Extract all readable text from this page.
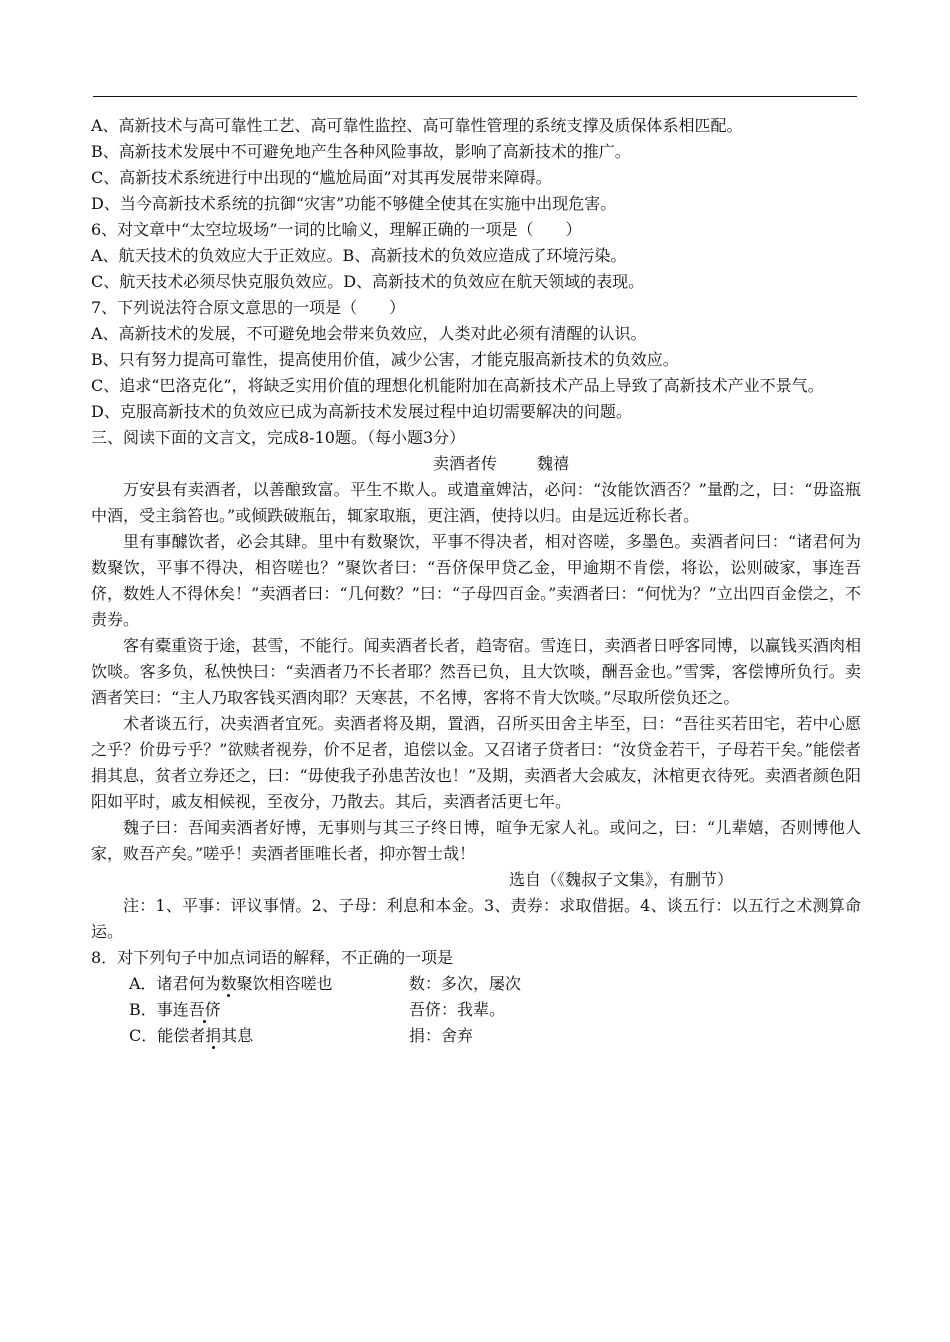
A、高新技术与高可靠性工艺、高可靠性监控、高可靠性管理的系统支撑及质保体系相匹配。

B、高新技术发展中不可避免地产生各种风险事故，影响了高新技术的推广。

C、高新技术系统进行中出现的“尴尬局面”对其再发展带来障碍。

D、当今高新技术系统的抗御“灾害”功能不够健全使其在实施中出现危害。

6、对文章中“太空垃圾场”一词的比喻义，理解正确的一项是（　　）

A、航天技术的负效应大于正效应。B、高新技术的负效应造成了环境污染。

C、航天技术必须尽快克服负效应。D、高新技术的负效应在航天领域的表现。

7、下列说法符合原文意思的一项是（　　）

A、高新技术的发展，不可避免地会带来负效应，人类对此必须有清醒的认识。

B、只有努力提高可靠性，提高使用价值，减少公害，才能克服高新技术的负效应。

C、追求“巴洛克化”，将缺乏实用价值的理想化机能附加在高新技术产品上导致了高新技术产业不景气。

D、克服高新技术的负效应已成为高新技术发展过程中迫切需要解决的问题。

三、阅读下面的文言文，完成8-10题。（每小题3分）

卖酒者传	魏禧

万安县有卖酒者，以善酿致富。平生不欺人。或遣童婢沽，必问：“汝能饮酒否？”量酌之，曰：“毋盗瓶中酒，受主翁笞也。”或倾跌破瓶缶，辄家取瓶，更注酒，使持以归。由是远近称长者。

里有事醵饮者，必会其肆。里中有数聚饮，平事不得决者，相对咨嗟，多墨色。卖酒者问曰：“诸君何为数聚饮，平事不得决，相咨嗟也？”聚饮者曰：“吾侪保甲贷乙金，甲逾期不肯偿，将讼，讼则破家，事连吾侪，数姓人不得休矣！”卖酒者曰：“几何数？”曰：“子母四百金。”卖酒者曰：“何忧为？”立出四百金偿之，不责券。

客有橐重资于途，甚雪，不能行。闻卖酒者长者，趋寄宿。雪连日，卖酒者日呼客同博，以赢钱买酒肉相饮啖。客多负，私怏怏曰：“卖酒者乃不长者耶？然吾已负，且大饮啖，酬吾金也。”雪霁，客偿博所负行。卖酒者笑曰：“主人乃取客钱买酒肉耶？天寒甚，不名博，客将不肯大饮啖。”尽取所偿负还之。

术者谈五行，决卖酒者宜死。卖酒者将及期，置酒，召所买田舍主毕至，曰：“吾往买若田宅，若中心愿之乎？价毋亏乎？”欲赎者视券，价不足者，追偿以金。又召诸子贷者曰：“汝贷金若干，子母若干矣。”能偿者捐其息，贫者立券还之，曰：“毋使我子孙患苦汝也！”及期，卖酒者大会戚友，沐棺更衣待死。卖酒者颜色阳阳如平时，戚友相候视，至夜分，乃散去。其后，卖酒者活更七年。

魏子曰：吾闻卖酒者好博，无事则与其三子终日博，喧争无家人礼。或问之，曰：“儿辈嬉，否则博他人家，败吾产矣。”嗟乎！卖酒者匪唯长者，抑亦智士哉！

选自（《魏叔子文集》，有删节）

注：1、平事：评议事情。2、子母：利息和本金。3、责券：求取借据。4、谈五行：以五行之术测算命运。

8．对下列句子中加点词语的解释，不正确的一项是

A．诸君何为数聚饮相咨嗟也	数：多次，屡次
B．事连吾侪	吾侪：我辈。
C．能偿者捐其息	捐：舍弃
